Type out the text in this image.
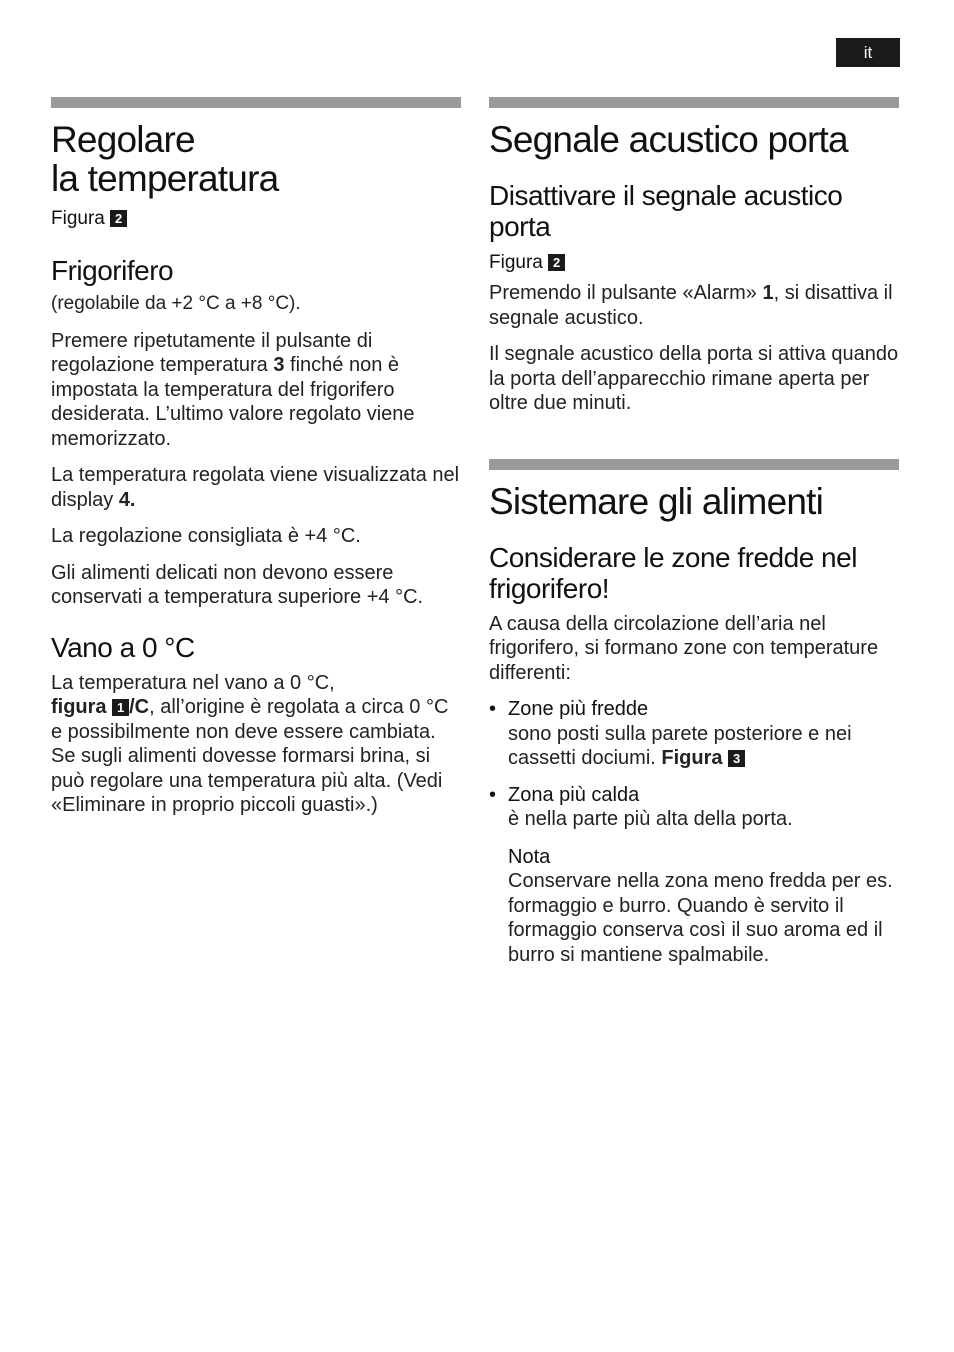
it
Regolare
la temperatura
Figura 2
Frigorifero

(regolabile da +2 °C a +8 °C).

Premere ripetutamente il pulsante di regolazione temperatura 3 finché non è impostata la temperatura del frigorifero desiderata. L’ultimo valore regolato viene memorizzato.

La temperatura regolata viene visualizzata nel display 4.

La regolazione consigliata è +4 °C.

Gli alimenti delicati non devono essere conservati a temperatura superiore +4 °C.

Vano a 0 °C

La temperatura nel vano a 0 °C,
figura 1 /C, all’origine è regolata a circa 0 °C e possibilmente non deve essere cambiata. Se sugli alimenti dovesse formarsi brina, si può regolare una temperatura più alta. (Vedi «Eliminare in proprio piccoli guasti».)

Segnale acustico porta
Disattivare il segnale acustico porta
Figura 2

Premendo il pulsante «Alarm» 1, si disattiva il segnale acustico.

Il segnale acustico della porta si attiva quando la porta dell’apparecchio rimane aperta per oltre due minuti.

Sistemare gli alimenti
Considerare le zone fredde nel frigorifero!

A causa della circolazione dell’aria nel frigorifero, si formano zone con temperature differenti:

• Zone più fredde

sono posti sulla parete posteriore e nei cassetti dociumi. Figura 3

• Zona più calda

è nella parte più alta della porta.

Nota

Conservare nella zona meno fredda per es. formaggio e burro. Quando è servito il formaggio conserva così il suo aroma ed il burro si mantiene spalmabile.
